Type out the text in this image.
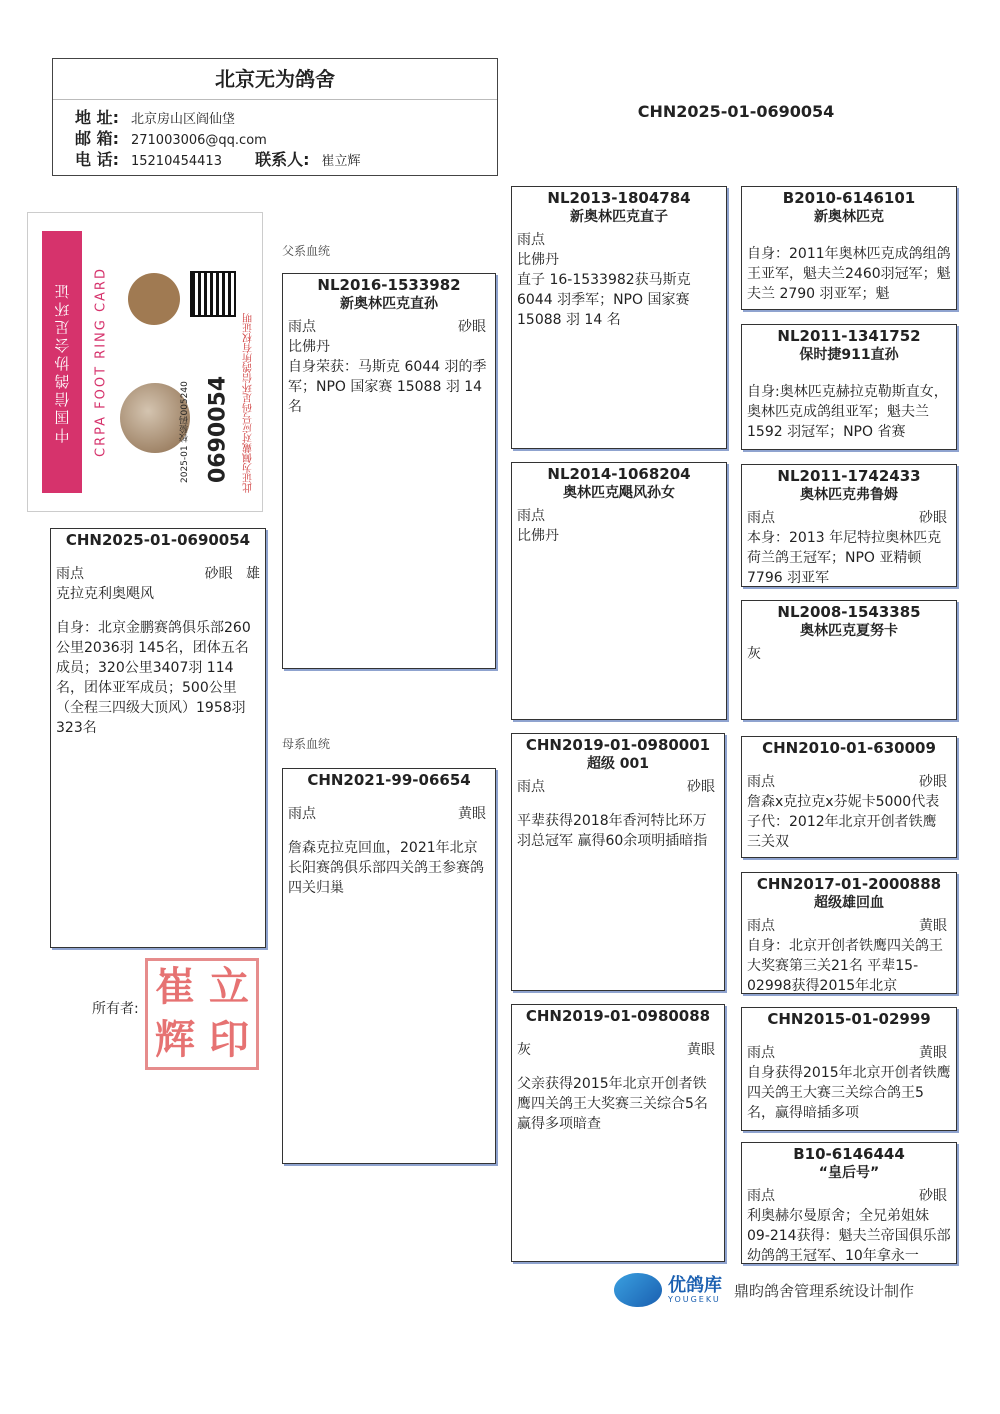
北京无为鸽舍
地 址: 北京房山区阎仙垡
邮 箱: 271003006@qq.com
电 话: 15210454413 联系人: 崔立辉
CHN2025-01-0690054
中国信鸽协会足环证	CRPA FOOT RING CARD	2025-01 校验码005240 0690054	此证为佩戴对应号码足环信鸽所有权证明
父系血统
母系血统
CHN2025-01-0690054
雨点	砂眼 雄
克拉克利奥飓风
自身：北京金鹏赛鸽俱乐部260公里2036羽 145名，团体五名成员；320公里3407羽 114名，团体亚军成员；500公里（全程三四级大顶风）1958羽 323名
NL2016-1533982
新奥林匹克直孙
雨点	砂眼
比佛丹
自身荣获：马斯克 6044 羽的季军；NPO 国家赛 15088 羽 14 名
CHN2021-99-06654
雨点	黄眼
詹森克拉克回血，2021年北京长阳赛鸽俱乐部四关鸽王参赛鸽四关归巢
NL2013-1804784
新奥林匹克直子
雨点
比佛丹
直子 16-1533982获马斯克 6044 羽季军；NPO 国家赛 15088 羽 14 名
NL2014-1068204
奥林匹克飓风孙女
雨点
比佛丹
CHN2019-01-0980001
超级 001
雨点	砂眼
平辈获得2018年香河特比环万羽总冠军 赢得60余项明插暗指
CHN2019-01-0980088
灰	黄眼
父亲获得2015年北京开创者铁鹰四关鸽王大奖赛三关综合5名 赢得多项暗查
B2010-6146101
新奥林匹克
自身：2011年奥林匹克成鸽组鸽王亚军，魁夫兰2460羽冠军；魁夫兰 2790 羽亚军；魁
NL2011-1341752
保时捷911直孙
自身:奥林匹克赫拉克勒斯直女，奥林匹克成鸽组亚军；魁夫兰 1592 羽冠军；NPO 省赛
NL2011-1742433
奥林匹克弗鲁姆
雨点	砂眼
本身：2013 年尼特拉奥林匹克荷兰鸽王冠军；NPO 亚精顿 7796 羽亚军
NL2008-1543385
奥林匹克夏努卡
灰
CHN2010-01-630009
雨点	砂眼
詹森x克拉克x芬妮卡5000代表子代：2012年北京开创者铁鹰 三关双
CHN2017-01-2000888
超级雄回血
雨点	黄眼
自身：北京开创者铁鹰四关鸽王大奖赛第三关21名 平辈15-02998获得2015年北京
CHN2015-01-02999
雨点	黄眼
自身获得2015年北京开创者铁鹰四关鸽王大赛三关综合鸽王5名，赢得暗插多项
B10-6146444
“皇后号”
雨点	砂眼
利奥赫尔曼原舍；全兄弟姐妹09-214获得：魁夫兰帝国俱乐部幼鸽鸽王冠军、10年拿永一
所有者: 崔 立
辉 印
优鸽库
YOUGEKU 鼎昀鸽舍管理系统设计制作
